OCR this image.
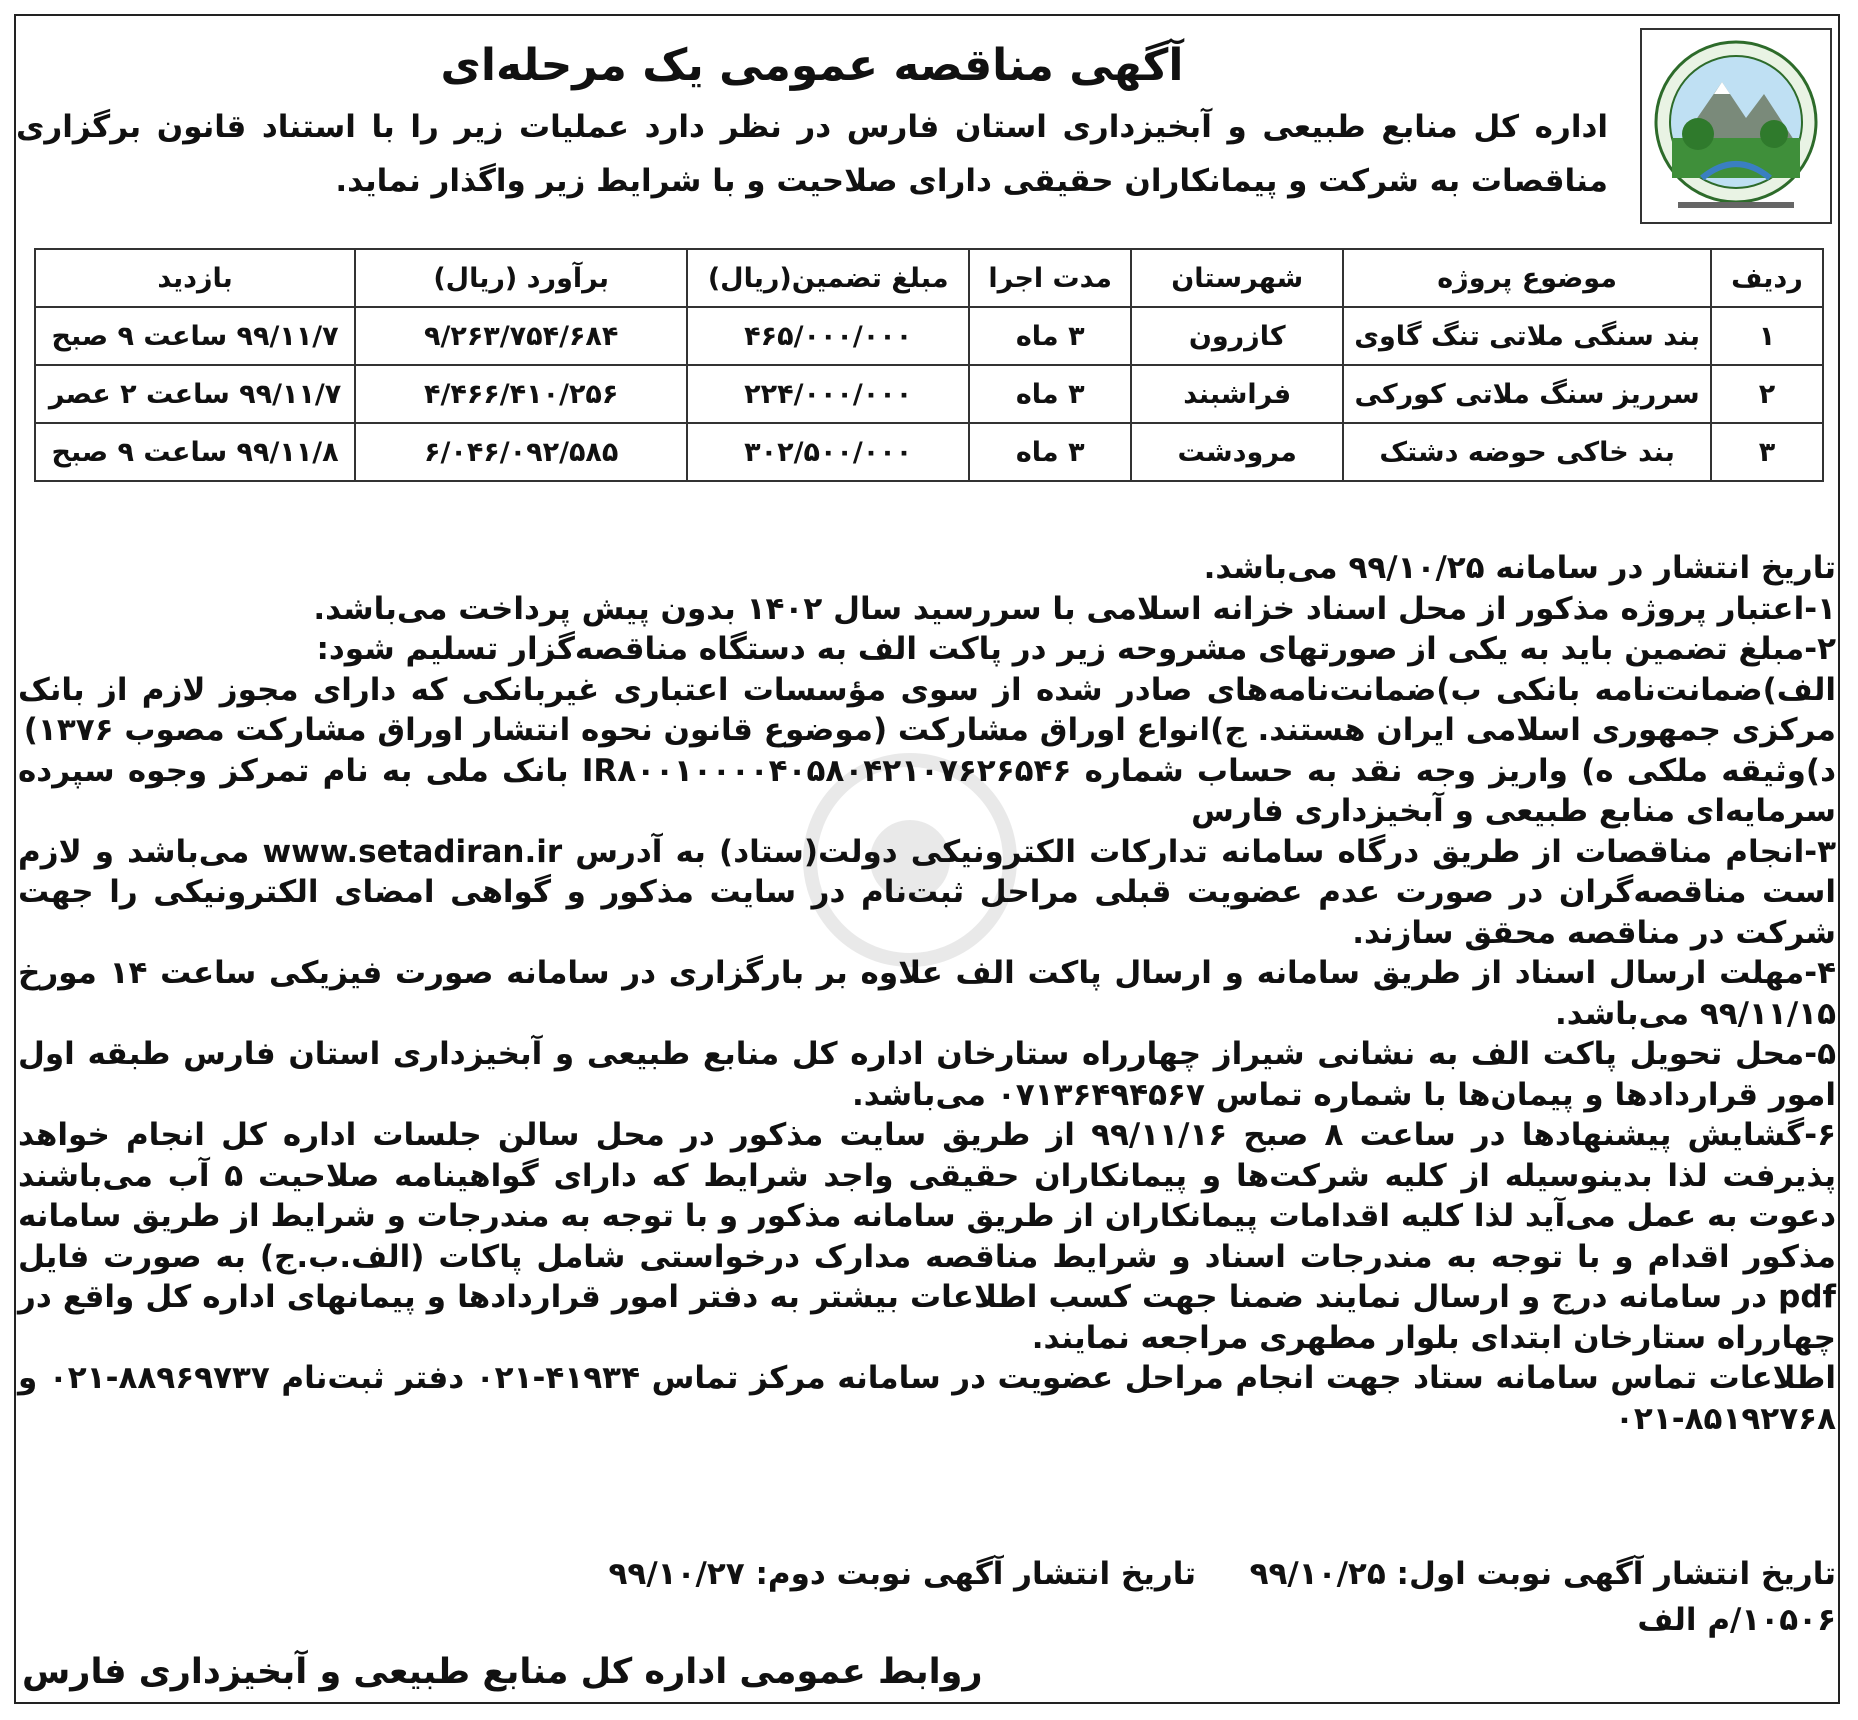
آگهی مناقصه عمومی یک مرحله‌ای

اداره کل منابع طبیعی و آبخیزداری استان فارس در نظر دارد عملیات زیر را با استناد قانون برگزاری مناقصات به شرکت و پیمانکاران حقیقی دارای صلاحیت و با شرایط زیر واگذار نماید.

ردیف	موضوع پروژه	شهرستان	مدت اجرا	مبلغ تضمین(ریال)	برآورد (ریال)	بازدید
۱	بند سنگی ملاتی تنگ گاوی	کازرون	۳ ماه	۴۶۵/۰۰۰/۰۰۰	۹/۲۶۳/۷۵۴/۶۸۴	۹۹/۱۱/۷ ساعت ۹ صبح
۲	سرریز سنگ ملاتی کورکی	فراشبند	۳ ماه	۲۲۴/۰۰۰/۰۰۰	۴/۴۶۶/۴۱۰/۲۵۶	۹۹/۱۱/۷ ساعت ۲ عصر
۳	بند خاکی حوضه دشتک	مرودشت	۳ ماه	۳۰۲/۵۰۰/۰۰۰	۶/۰۴۶/۰۹۲/۵۸۵	۹۹/۱۱/۸ ساعت ۹ صبح

تاریخ انتشار در سامانه ۹۹/۱۰/۲۵ می‌باشد.

۱-اعتبار پروژه مذکور از محل اسناد خزانه اسلامی با سررسید سال ۱۴۰۲ بدون پیش پرداخت می‌باشد.

۲-مبلغ تضمین باید به یکی از صورتهای مشروحه زیر در پاکت الف به دستگاه مناقصه‌گزار تسلیم شود:

الف)ضمانت‌نامه بانکی ب)ضمانت‌نامه‌های صادر شده از سوی مؤسسات اعتباری غیربانکی که دارای مجوز لازم از بانک مرکزی جمهوری اسلامی ایران هستند. ج)انواع اوراق مشارکت (موضوع قانون نحوه انتشار اوراق مشارکت مصوب ۱۳۷۶)

د)وثیقه ملکی ه) واریز وجه نقد به حساب شماره IR۸۰۰۱۰۰۰۰۴۰۵۸۰۴۲۱۰۷۶۲۶۵۴۶ بانک ملی به نام تمرکز وجوه سپرده سرمایه‌ای منابع طبیعی و آبخیزداری فارس

۳-انجام مناقصات از طریق درگاه سامانه تدارکات الکترونیکی دولت(ستاد) به آدرس www.setadiran.ir می‌باشد و لازم است مناقصه‌گران در صورت عدم عضویت قبلی مراحل ثبت‌نام در سایت مذکور و گواهی امضای الکترونیکی را جهت شرکت در مناقصه محقق سازند.

۴-مهلت ارسال اسناد از طریق سامانه و ارسال پاکت الف علاوه بر بارگزاری در سامانه صورت فیزیکی ساعت ۱۴ مورخ ۹۹/۱۱/۱۵ می‌باشد.

۵-محل تحویل پاکت الف به نشانی شیراز چهارراه ستارخان اداره کل منابع طبیعی و آبخیزداری استان فارس طبقه اول امور قراردادها و پیمان‌ها با شماره تماس ۰۷۱۳۶۴۹۴۵۶۷ می‌باشد.

۶-گشایش پیشنهادها در ساعت ۸ صبح ۹۹/۱۱/۱۶ از طریق سایت مذکور در محل سالن جلسات اداره کل انجام خواهد پذیرفت لذا بدینوسیله از کلیه شرکت‌ها و پیمانکاران حقیقی واجد شرایط که دارای گواهینامه صلاحیت ۵ آب می‌باشند دعوت به عمل می‌آید لذا کلیه اقدامات پیمانکاران از طریق سامانه مذکور و با توجه به مندرجات و شرایط از طریق سامانه مذکور اقدام و با توجه به مندرجات اسناد و شرایط مناقصه مدارک درخواستی شامل پاکات (الف.ب.ج) به صورت فایل pdf در سامانه درج و ارسال نمایند ضمنا جهت کسب اطلاعات بیشتر به دفتر امور قراردادها و پیمانهای اداره کل واقع در چهارراه ستارخان ابتدای بلوار مطهری مراجعه نمایند.

اطلاعات تماس سامانه ستاد جهت انجام مراحل عضویت در سامانه مرکز تماس ۴۱۹۳۴-۰۲۱ دفتر ثبت‌نام ۸۸۹۶۹۷۳۷-۰۲۱ و ۸۵۱۹۲۷۶۸-۰۲۱

تاریخ انتشار آگهی نوبت اول: ۹۹/۱۰/۲۵
تاریخ انتشار آگهی نوبت دوم: ۹۹/۱۰/۲۷
۱۰۵۰۶/م الف
روابط عمومی اداره کل منابع طبیعی و آبخیزداری فارس
